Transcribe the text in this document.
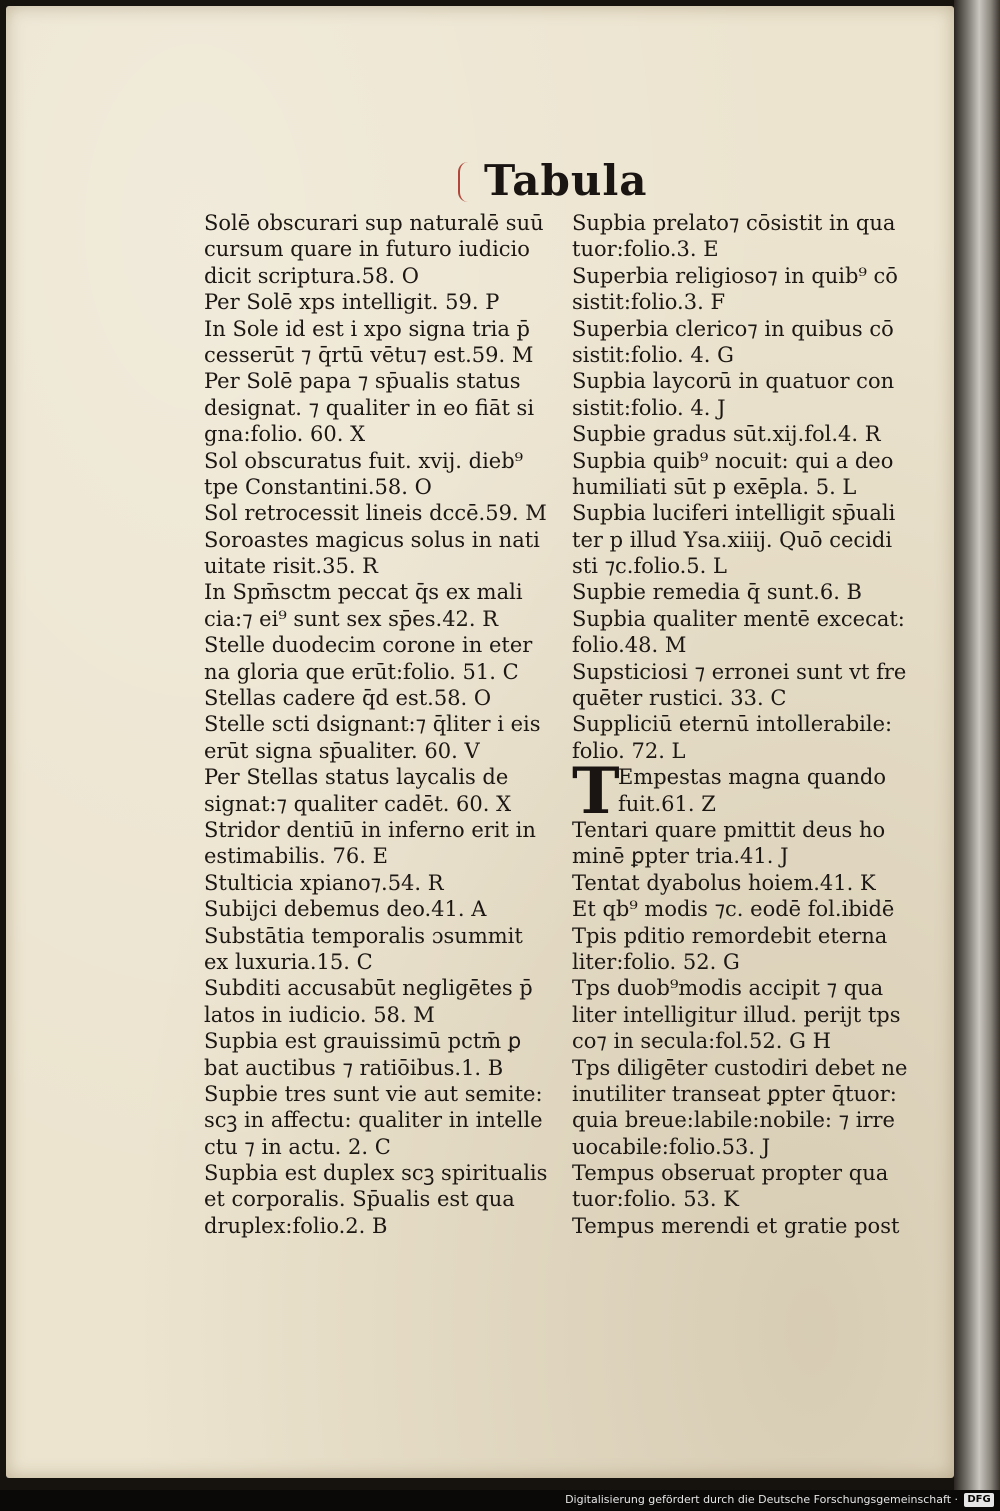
Tabula
Solē obscurari sup naturalē suū
cursum quare in futuro iudicio
dicit scriptura.58. O
Per Solē xps intelligit. 59. P
In Sole id est i xpo signa tria p̄
cesserūt ⁊ q̄rtū vētu⁊ est.59. M
Per Solē papa ⁊ sp̄ualis status
designat. ⁊ qualiter in eo fiāt si
gna:folio. 60. X
Sol obscuratus fuit. xvij. dieb⁹
tpe Constantini.58. O
Sol retrocessit lineis dccē.59. M
Soroastes magicus solus in nati
uitate risit.35. R
In Spm̄sctm peccat q̄s ex mali
cia:⁊ ei⁹ sunt sex sp̄es.42. R
Stelle duodecim corone in eter
na gloria que erūt:folio. 51. C
Stellas cadere q̄d est.58. O
Stelle scti dsignant:⁊ q̄liter i eis
erūt signa sp̄ualiter. 60. V
Per Stellas status laycalis de
signat:⁊ qualiter cadēt. 60. X
Stridor dentiū in inferno erit in
estimabilis. 76. E
Stulticia xpiano⁊.54. R
Subijci debemus deo.41. A
Substātia temporalis ɔsummit
ex luxuria.15. C
Subditi accusabūt negligētes p̄
latos in iudicio. 58. M
Supbia est grauissimū pctm̄ ꝑ
bat auctibus ⁊ ratiōibus.1. B
Supbie tres sunt vie aut semite:
scꝫ in affectu: qualiter in intelle
ctu ⁊ in actu. 2. C
Supbia est duplex scꝫ spiritualis
et corporalis. Sp̄ualis est qua
druplex:folio.2. B
Supbia prelato⁊ cōsistit in qua
tuor:folio.3. E
Superbia religioso⁊ in quib⁹ cō
sistit:folio.3. F
Superbia clerico⁊ in quibus cō
sistit:folio. 4. G
Supbia laycorū in quatuor con
sistit:folio. 4. J
Supbie gradus sūt.xij.fol.4. R
Supbia quib⁹ nocuit: qui a deo
humiliati sūt p exēpla. 5. L
Supbia luciferi intelligit sp̄uali
ter p illud Ysa.xiiij. Quō cecidi
sti ⁊c.folio.5. L
Supbie remedia q̄ sunt.6. B
Supbia qualiter mentē excecat:
folio.48. M
Supsticiosi ⁊ erronei sunt vt fre
quēter rustici. 33. C
Suppliciū eternū intollerabile:
folio. 72. L
Empestas magna quando
fuit.61. Z
Tentari quare pmittit deus ho
minē ꝑpter tria.41. J
Tentat dyabolus hoiem.41. K
Et qb⁹ modis ⁊c. eodē fol.ibidē
Tpis pditio remordebit eterna
liter:folio. 52. G
Tps duob⁹modis accipit ⁊ qua
liter intelligitur illud. perijt tps
co⁊ in secula:fol.52. G H
Tps diligēter custodiri debet ne
inutiliter transeat ꝑpter q̄tuor:
quia breue:labile:nobile: ⁊ irre
uocabile:folio.53. J
Tempus obseruat propter qua
tuor:folio. 53. K
Tempus merendi et gratie post
T
Digitalisierung gefördert durch die Deutsche Forschungsgemeinschaft · DFG
